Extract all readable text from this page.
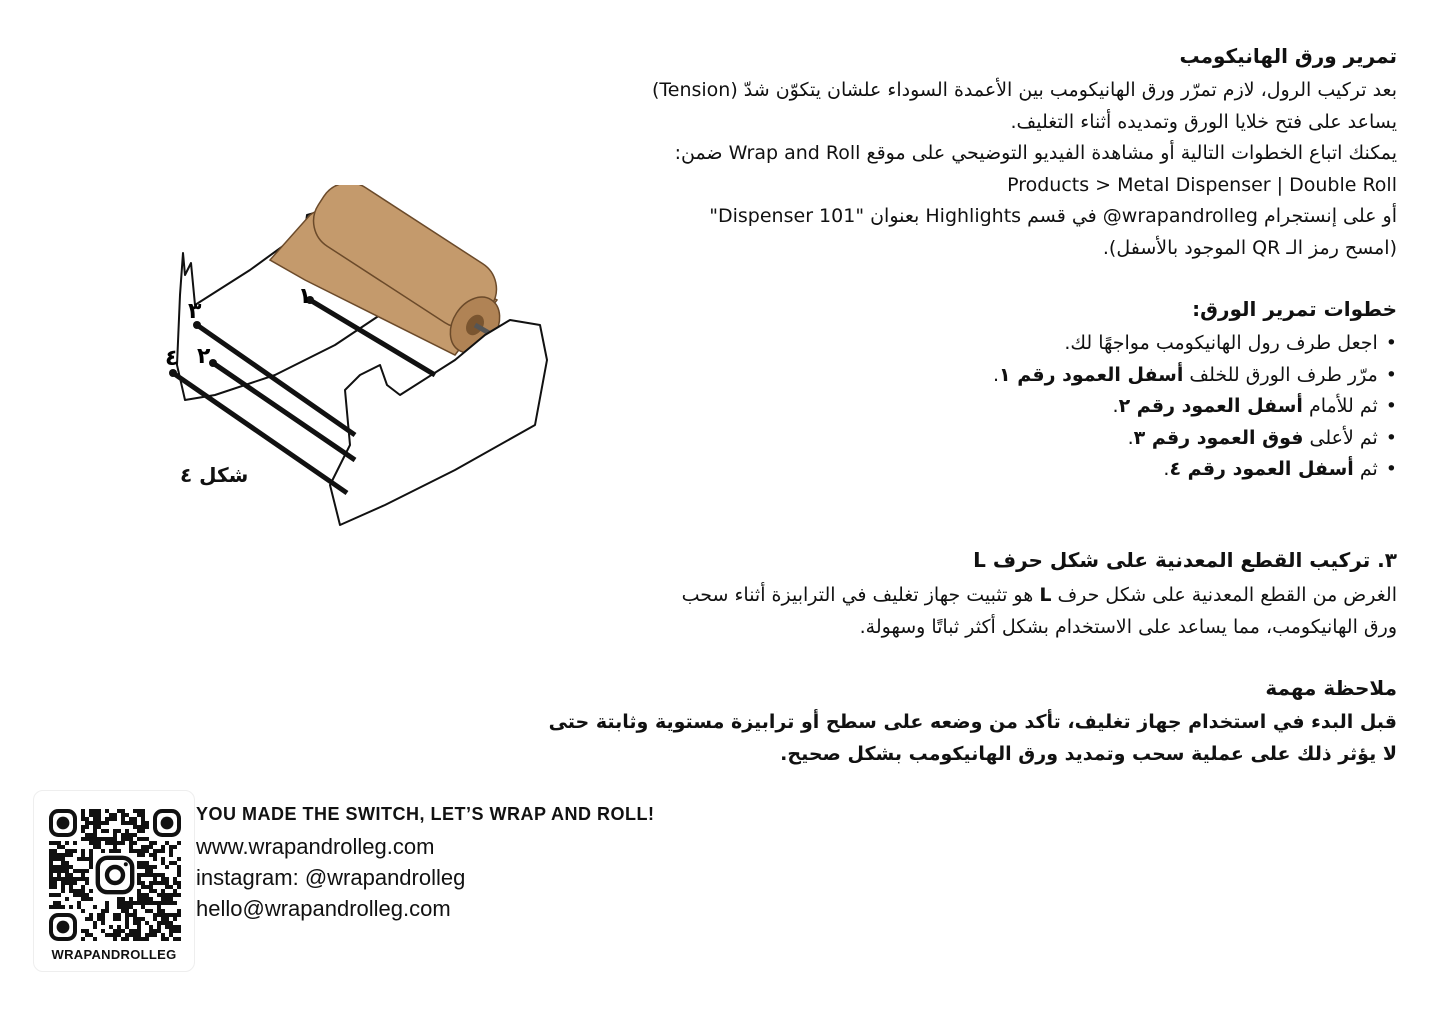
تمرير ورق الهانيكومب
بعد تركيب الرول، لازم تمرّر ورق الهانيكومب بين الأعمدة السوداء علشان يتكوّن شدّ (Tension)
يساعد على فتح خلايا الورق وتمديده أثناء التغليف.
يمكنك اتباع الخطوات التالية أو مشاهدة الفيديو التوضيحي على موقع Wrap and Roll ضمن:
Products > Metal Dispenser | Double Roll
أو على إنستجرام wrapandrolleg@ في قسم Highlights بعنوان "Dispenser 101"
(امسح رمز الـ QR الموجود بالأسفل).
خطوات تمرير الورق:
• اجعل طرف رول الهانيكومب مواجهًا لك.
• مرّر طرف الورق للخلف أسفل العمود رقم ١.
• ثم للأمام أسفل العمود رقم ٢.
• ثم لأعلى فوق العمود رقم ٣.
• ثم أسفل العمود رقم ٤.
٣. تركيب القطع المعدنية على شكل حرف L
الغرض من القطع المعدنية على شكل حرف L هو تثبيت جهاز تغليف في الترابيزة أثناء سحب
ورق الهانيكومب، مما يساعد على الاستخدام بشكل أكثر ثباتًا وسهولة.
ملاحظة مهمة
قبل البدء في استخدام جهاز تغليف، تأكد من وضعه على سطح أو ترابيزة مستوية وثابتة حتى
لا يؤثر ذلك على عملية سحب وتمديد ورق الهانيكومب بشكل صحيح.
١
٢
٣
٤
شكل ٤
WRAPANDROLLEG
YOU MADE THE SWITCH, LET’S WRAP AND ROLL!
www.wrapandrolleg.com
instagram: @wrapandrolleg
hello@wrapandrolleg.com
